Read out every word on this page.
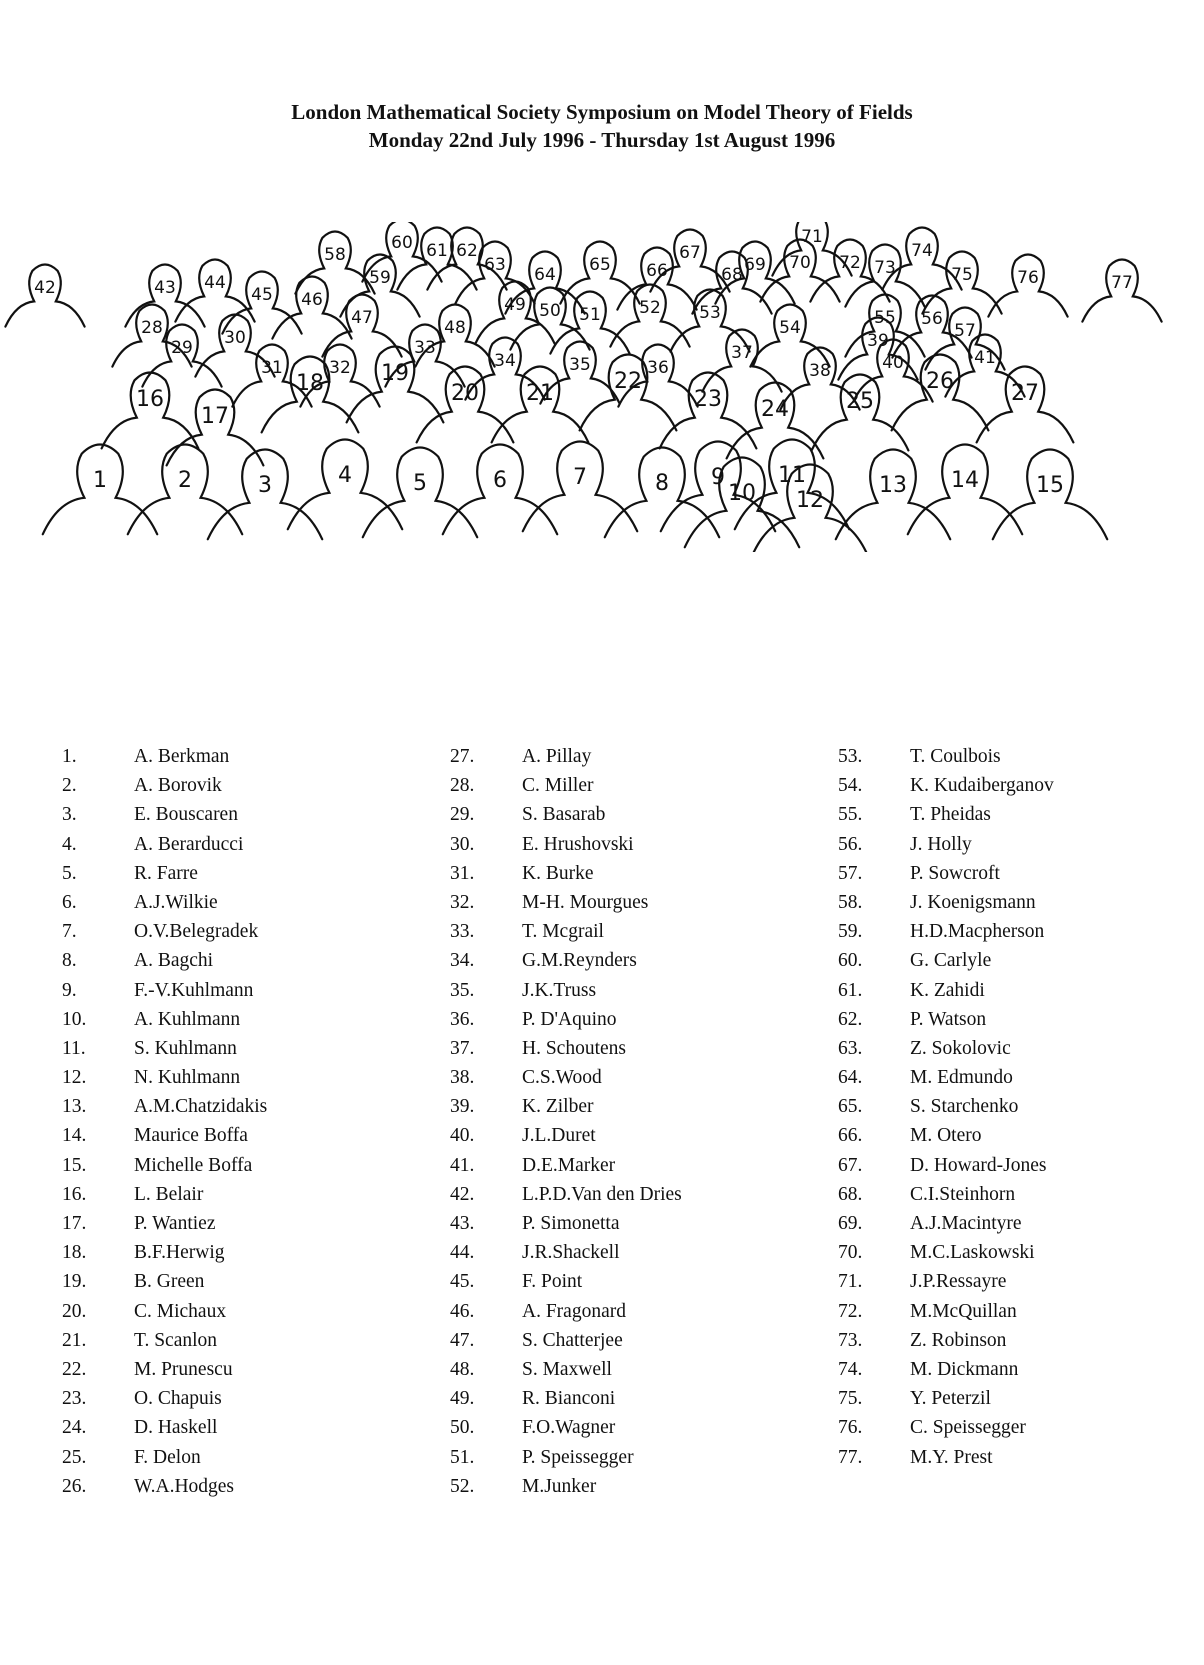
London Mathematical Society Symposium on Model Theory of Fields
Monday 22nd July 1996 - Thursday 1st August 1996
1	2	3	4	5	6	7	8 9
10
11
12
13 14	15
16
17
18	19
20 21	22
23 24	25
26	27
28
29 30
31	32
33
34	35	36
37
38
39
40	41
42	43 44
45 46
47	48
49 50 51 52 53
54	55 56
57
58
59
60 61 62
63 64 65 66
67
68 69 70
71
72 73
74
75	76	77
1.	A. Berkman
2.	A. Borovik
3.	E. Bouscaren
4.	A. Berarducci
5.	R. Farre
6.	A.J.Wilkie
7.	O.V.Belegradek
8.	A. Bagchi
9.	F.-V.Kuhlmann
10. A. Kuhlmann
11. S. Kuhlmann
12. N. Kuhlmann
13. A.M.Chatzidakis
14. Maurice Boffa
15. Michelle Boffa
16. L. Belair
17. P. Wantiez
18. B.F.Herwig
19. B. Green
20. C. Michaux
21. T. Scanlon
22. M. Prunescu
23. O. Chapuis
24. D. Haskell
25. F. Delon
26. W.A.Hodges
27. A. Pillay
28. C. Miller
29. S. Basarab
30. E. Hrushovski
31. K. Burke
32. M-H. Mourgues
33. T. Mcgrail
34. G.M.Reynders
35. J.K.Truss
36. P. D'Aquino
37. H. Schoutens
38. C.S.Wood
39. K. Zilber
40. J.L.Duret
41. D.E.Marker
42. L.P.D.Van den Dries
43. P. Simonetta
44. J.R.Shackell
45. F. Point
46. A. Fragonard
47. S. Chatterjee
48. S. Maxwell
49. R. Bianconi
50. F.O.Wagner
51. P. Speissegger
52. M.Junker
53. T. Coulbois
54. K. Kudaiberganov
55. T. Pheidas
56. J. Holly
57. P. Sowcroft
58. J. Koenigsmann
59. H.D.Macpherson
60. G. Carlyle
61. K. Zahidi
62. P. Watson
63. Z. Sokolovic
64. M. Edmundo
65. S. Starchenko
66. M. Otero
67. D. Howard-Jones
68. C.I.Steinhorn
69. A.J.Macintyre
70. M.C.Laskowski
71. J.P.Ressayre
72. M.McQuillan
73. Z. Robinson
74. M. Dickmann
75. Y. Peterzil
76. C. Speissegger
77. M.Y. Prest
